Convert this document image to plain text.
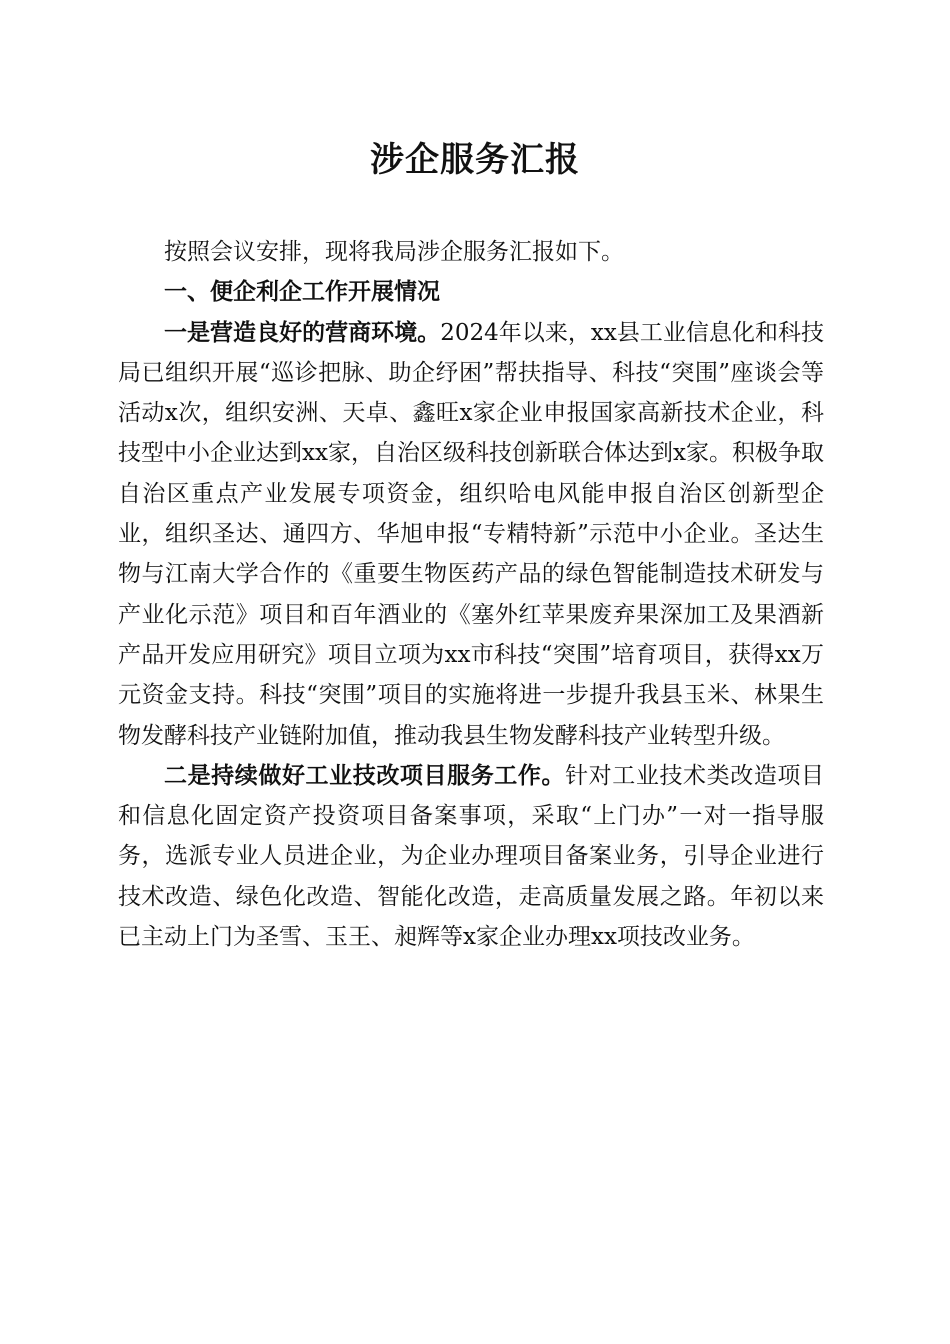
涉企服务汇报

按照会议安排，现将我局涉企服务汇报如下。

一、便企利企工作开展情况

一是营造良好的营商环境。2024年以来，xx县工业信息化和科技局已组织开展“巡诊把脉、助企纾困”帮扶指导、科技“突围”座谈会等活动x次，组织安洲、天卓、鑫旺x家企业申报国家高新技术企业，科技型中小企业达到xx家，自治区级科技创新联合体达到x家。积极争取自治区重点产业发展专项资金，组织哈电风能申报自治区创新型企业，组织圣达、通四方、华旭申报“专精特新”示范中小企业。圣达生物与江南大学合作的《重要生物医药产品的绿色智能制造技术研发与产业化示范》项目和百年酒业的《塞外红苹果废弃果深加工及果酒新产品开发应用研究》项目立项为xx市科技“突围”培育项目，获得xx万元资金支持。科技“突围”项目的实施将进一步提升我县玉米、林果生物发酵科技产业链附加值，推动我县生物发酵科技产业转型升级。

二是持续做好工业技改项目服务工作。针对工业技术类改造项目和信息化固定资产投资项目备案事项，采取“上门办”一对一指导服务，选派专业人员进企业，为企业办理项目备案业务，引导企业进行技术改造、绿色化改造、智能化改造，走高质量发展之路。年初以来已主动上门为圣雪、玉王、昶辉等x家企业办理xx项技改业务。
